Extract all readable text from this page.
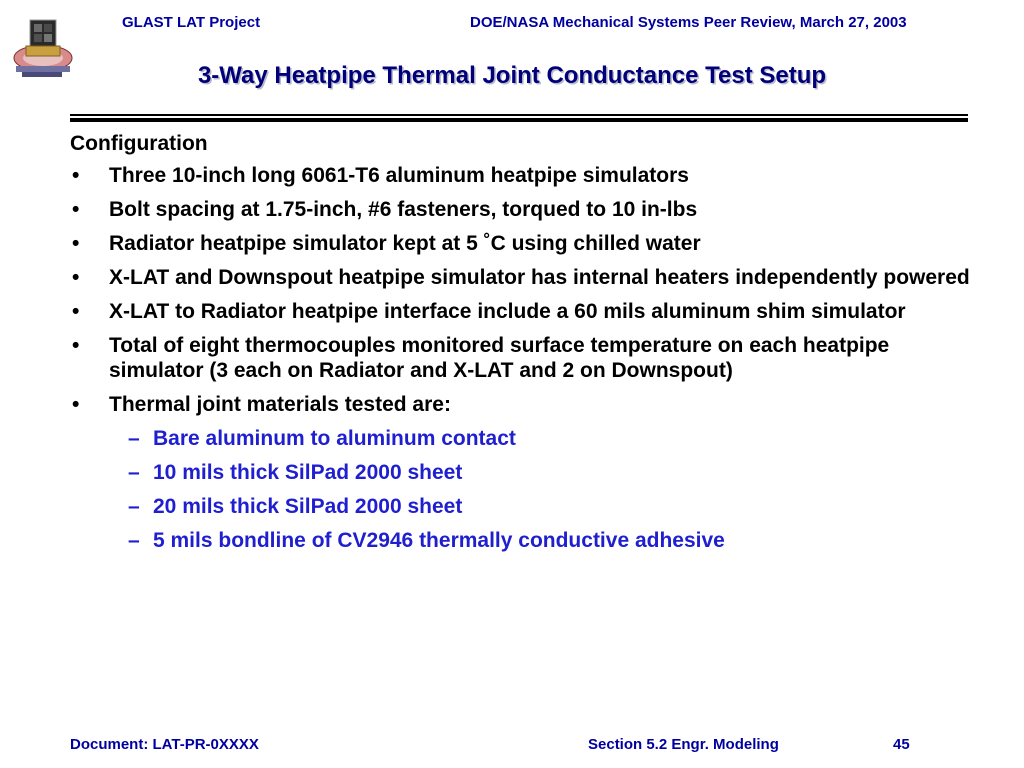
GLAST LAT Project	DOE/NASA Mechanical Systems Peer Review, March 27, 2003
3-Way Heatpipe Thermal Joint Conductance Test Setup
Configuration
• Three 10-inch long 6061-T6 aluminum heatpipe simulators
• Bolt spacing at 1.75-inch, #6 fasteners, torqued to 10 in-lbs
• Radiator heatpipe simulator kept at 5 ˚C using chilled water
• X-LAT and Downspout heatpipe simulator has internal heaters independently powered
• X-LAT to Radiator heatpipe interface include a 60 mils aluminum shim simulator
• Total of eight thermocouples monitored surface temperature on each heatpipe simulator (3 each on Radiator and X-LAT and 2 on Downspout)
• Thermal joint materials tested are:
– Bare aluminum to aluminum contact
– 10 mils thick SilPad 2000 sheet
– 20 mils thick SilPad 2000 sheet
– 5 mils bondline of CV2946 thermally conductive adhesive
Document: LAT-PR-0XXXX	Section 5.2 Engr. Modeling	45
